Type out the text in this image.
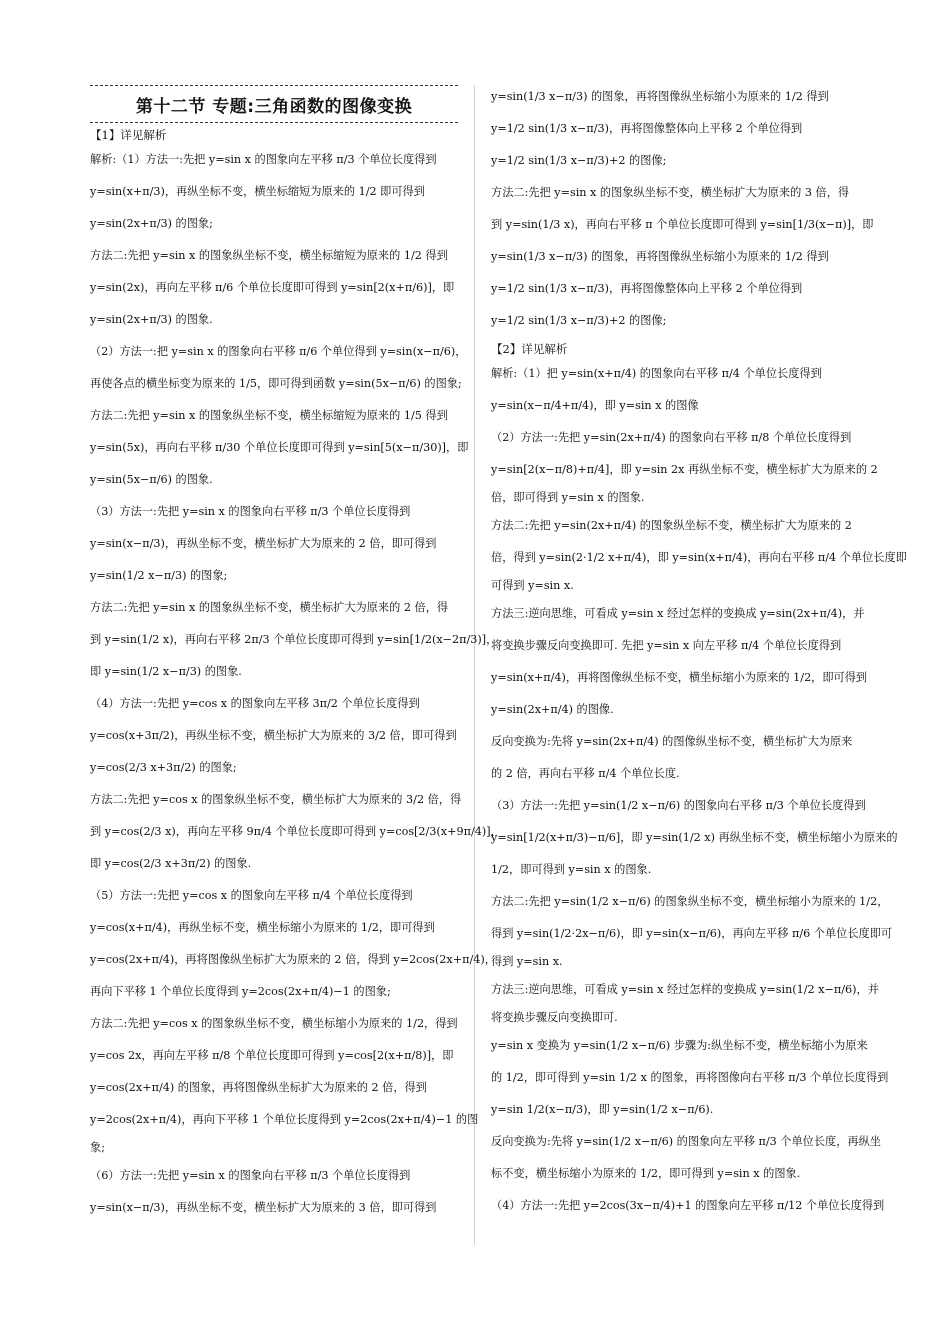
第十二节 专题:三角函数的图像变换
【1】详见解析
解析:（1）方法一:先把 y=sin x 的图象向左平移 π/3 个单位长度得到
y=sin(x+π/3)，再纵坐标不变，横坐标缩短为原来的 1/2 即可得到
y=sin(2x+π/3) 的图象;
方法二:先把 y=sin x 的图象纵坐标不变，横坐标缩短为原来的 1/2 得到
y=sin(2x)，再向左平移 π/6 个单位长度即可得到 y=sin[2(x+π/6)]，即
y=sin(2x+π/3) 的图象.
（2）方法一:把 y=sin x 的图象向右平移 π/6 个单位得到 y=sin(x−π/6)，
再使各点的横坐标变为原来的 1/5，即可得到函数 y=sin(5x−π/6) 的图象;
方法二:先把 y=sin x 的图象纵坐标不变，横坐标缩短为原来的 1/5 得到
y=sin(5x)，再向右平移 π/30 个单位长度即可得到 y=sin[5(x−π/30)]，即
y=sin(5x−π/6) 的图象.
（3）方法一:先把 y=sin x 的图象向右平移 π/3 个单位长度得到
y=sin(x−π/3)，再纵坐标不变，横坐标扩大为原来的 2 倍，即可得到
y=sin(1/2 x−π/3) 的图象;
方法二:先把 y=sin x 的图象纵坐标不变，横坐标扩大为原来的 2 倍，得
到 y=sin(1/2 x)，再向右平移 2π/3 个单位长度即可得到 y=sin[1/2(x−2π/3)]，
即 y=sin(1/2 x−π/3) 的图象.
（4）方法一:先把 y=cos x 的图象向左平移 3π/2 个单位长度得到
y=cos(x+3π/2)，再纵坐标不变，横坐标扩大为原来的 3/2 倍，即可得到
y=cos(2/3 x+3π/2) 的图象;
方法二:先把 y=cos x 的图象纵坐标不变，横坐标扩大为原来的 3/2 倍，得
到 y=cos(2/3 x)，再向左平移 9π/4 个单位长度即可得到 y=cos[2/3(x+9π/4)]，
即 y=cos(2/3 x+3π/2) 的图象.
（5）方法一:先把 y=cos x 的图象向左平移 π/4 个单位长度得到
y=cos(x+π/4)，再纵坐标不变，横坐标缩小为原来的 1/2，即可得到
y=cos(2x+π/4)，再将图像纵坐标扩大为原来的 2 倍，得到 y=2cos(2x+π/4)，
再向下平移 1 个单位长度得到 y=2cos(2x+π/4)−1 的图象;
方法二:先把 y=cos x 的图象纵坐标不变，横坐标缩小为原来的 1/2，得到
y=cos 2x，再向左平移 π/8 个单位长度即可得到 y=cos[2(x+π/8)]，即
y=cos(2x+π/4) 的图象，再将图像纵坐标扩大为原来的 2 倍，得到
y=2cos(2x+π/4)，再向下平移 1 个单位长度得到 y=2cos(2x+π/4)−1 的图
象;
（6）方法一:先把 y=sin x 的图象向右平移 π/3 个单位长度得到
y=sin(x−π/3)，再纵坐标不变，横坐标扩大为原来的 3 倍，即可得到
y=sin(1/3 x−π/3) 的图象，再将图像纵坐标缩小为原来的 1/2 得到
y=1/2 sin(1/3 x−π/3)，再将图像整体向上平移 2 个单位得到
y=1/2 sin(1/3 x−π/3)+2 的图像;
方法二:先把 y=sin x 的图象纵坐标不变，横坐标扩大为原来的 3 倍，得
到 y=sin(1/3 x)，再向右平移 π 个单位长度即可得到 y=sin[1/3(x−π)]，即
y=sin(1/3 x−π/3) 的图象，再将图像纵坐标缩小为原来的 1/2 得到
y=1/2 sin(1/3 x−π/3)，再将图像整体向上平移 2 个单位得到
y=1/2 sin(1/3 x−π/3)+2 的图像;
【2】详见解析
解析:（1）把 y=sin(x+π/4) 的图象向右平移 π/4 个单位长度得到
y=sin(x−π/4+π/4)，即 y=sin x 的图像
（2）方法一:先把 y=sin(2x+π/4) 的图象向右平移 π/8 个单位长度得到
y=sin[2(x−π/8)+π/4]，即 y=sin 2x 再纵坐标不变，横坐标扩大为原来的 2
倍，即可得到 y=sin x 的图象.
方法二:先把 y=sin(2x+π/4) 的图象纵坐标不变，横坐标扩大为原来的 2
倍，得到 y=sin(2·1/2 x+π/4)，即 y=sin(x+π/4)，再向右平移 π/4 个单位长度即
可得到 y=sin x.
方法三:逆向思维，可看成 y=sin x 经过怎样的变换成 y=sin(2x+π/4)，并
将变换步骤反向变换即可. 先把 y=sin x 向左平移 π/4 个单位长度得到
y=sin(x+π/4)，再将图像纵坐标不变，横坐标缩小为原来的 1/2，即可得到
y=sin(2x+π/4) 的图像.
反向变换为:先将 y=sin(2x+π/4) 的图像纵坐标不变，横坐标扩大为原来
的 2 倍，再向右平移 π/4 个单位长度.
（3）方法一:先把 y=sin(1/2 x−π/6) 的图象向右平移 π/3 个单位长度得到
y=sin[1/2(x+π/3)−π/6]，即 y=sin(1/2 x) 再纵坐标不变，横坐标缩小为原来的
1/2，即可得到 y=sin x 的图象.
方法二:先把 y=sin(1/2 x−π/6) 的图象纵坐标不变，横坐标缩小为原来的 1/2，
得到 y=sin(1/2·2x−π/6)，即 y=sin(x−π/6)，再向左平移 π/6 个单位长度即可
得到 y=sin x.
方法三:逆向思维，可看成 y=sin x 经过怎样的变换成 y=sin(1/2 x−π/6)，并
将变换步骤反向变换即可.
y=sin x 变换为 y=sin(1/2 x−π/6) 步骤为:纵坐标不变，横坐标缩小为原来
的 1/2，即可得到 y=sin 1/2 x 的图象，再将图像向右平移 π/3 个单位长度得到
y=sin 1/2(x−π/3)，即 y=sin(1/2 x−π/6).
反向变换为:先将 y=sin(1/2 x−π/6) 的图象向左平移 π/3 个单位长度，再纵坐
标不变，横坐标缩小为原来的 1/2，即可得到 y=sin x 的图象.
（4）方法一:先把 y=2cos(3x−π/4)+1 的图象向左平移 π/12 个单位长度得到
